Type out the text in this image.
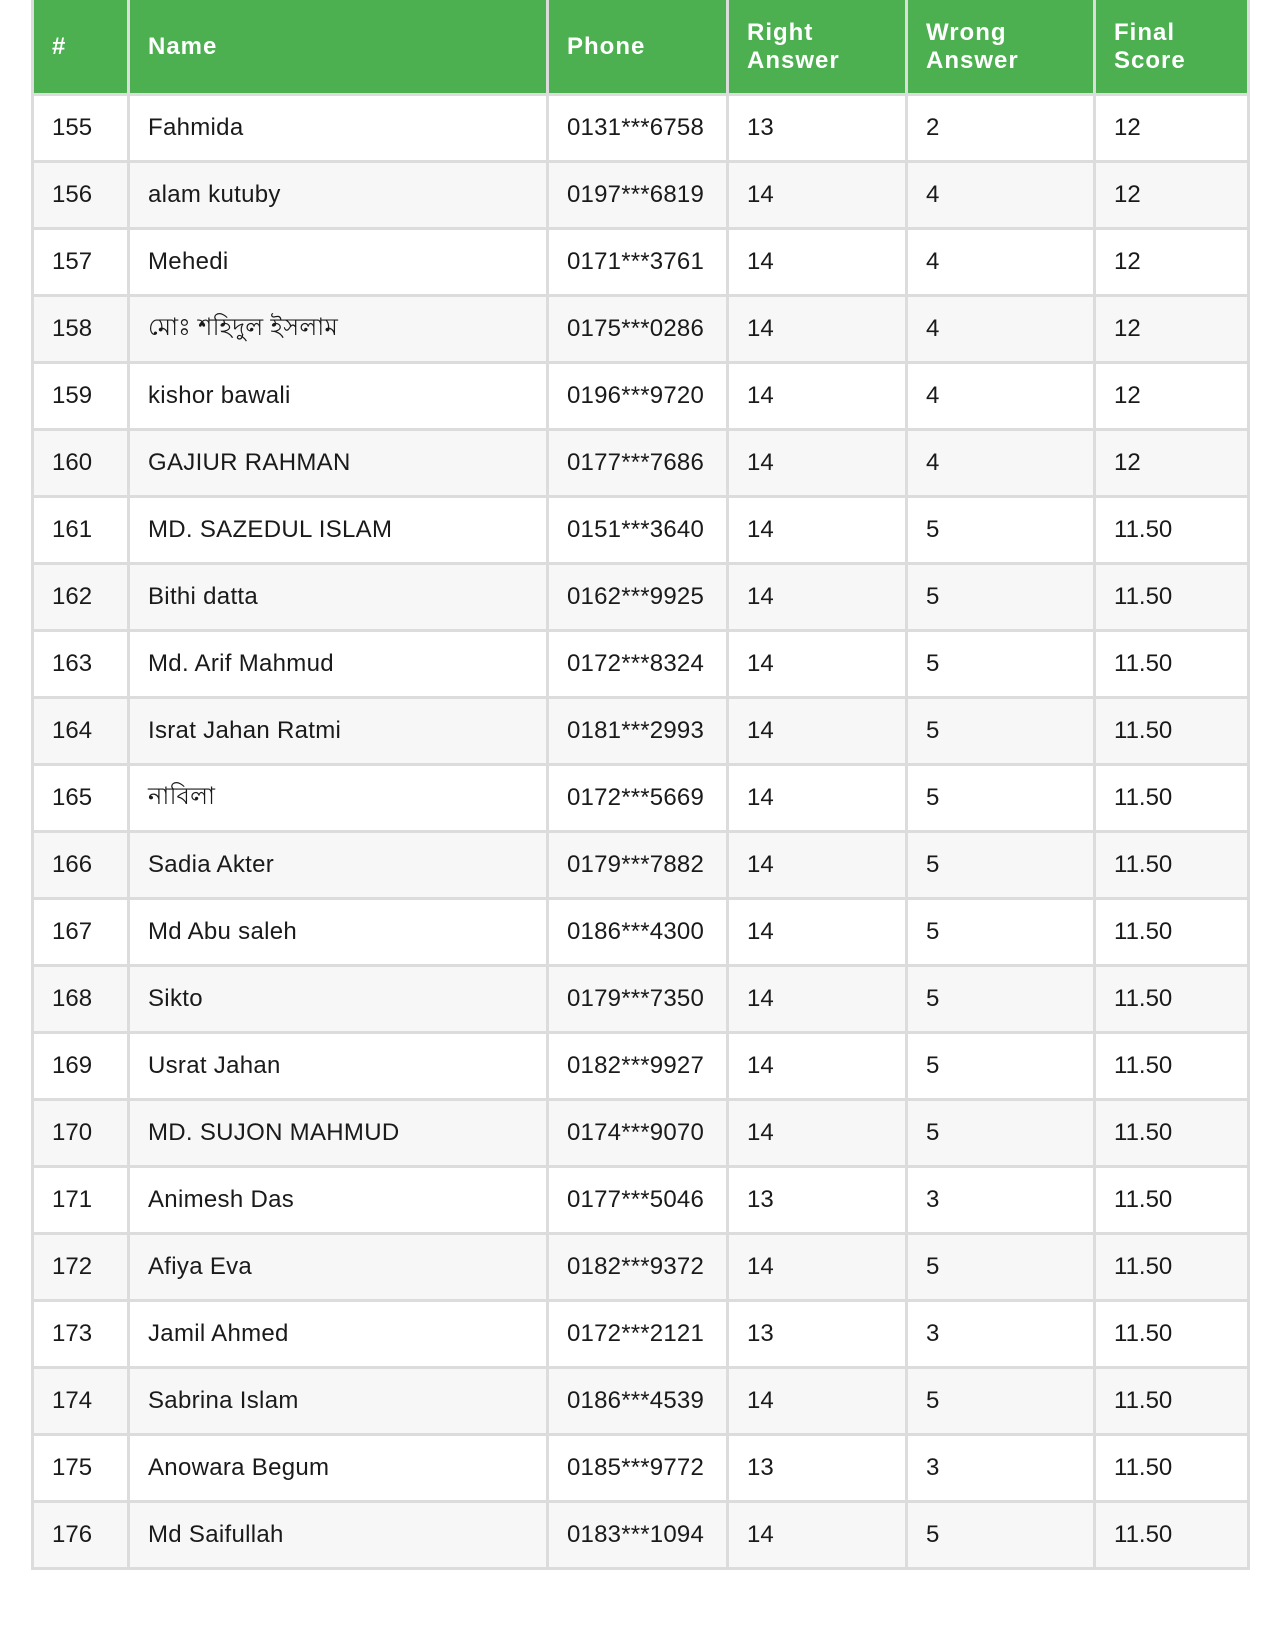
#	Name	Phone	Right Answer	Wrong Answer	Final Score
155	Fahmida	0131***6758	13	2	12
156	alam kutuby	0197***6819	14	4	12
157	Mehedi	0171***3761	14	4	12
158	মোঃ শহিদুল ইসলাম	0175***0286	14	4	12
159	kishor bawali	0196***9720	14	4	12
160	GAJIUR RAHMAN	0177***7686	14	4	12
161	MD. SAZEDUL ISLAM	0151***3640	14	5	11.50
162	Bithi datta	0162***9925	14	5	11.50
163	Md. Arif Mahmud	0172***8324	14	5	11.50
164	Israt Jahan Ratmi	0181***2993	14	5	11.50
165	নাবিলা	0172***5669	14	5	11.50
166	Sadia Akter	0179***7882	14	5	11.50
167	Md Abu saleh	0186***4300	14	5	11.50
168	Sikto	0179***7350	14	5	11.50
169	Usrat Jahan	0182***9927	14	5	11.50
170	MD. SUJON MAHMUD	0174***9070	14	5	11.50
171	Animesh Das	0177***5046	13	3	11.50
172	Afiya Eva	0182***9372	14	5	11.50
173	Jamil Ahmed	0172***2121	13	3	11.50
174	Sabrina Islam	0186***4539	14	5	11.50
175	Anowara Begum	0185***9772	13	3	11.50
176	Md Saifullah	0183***1094	14	5	11.50
